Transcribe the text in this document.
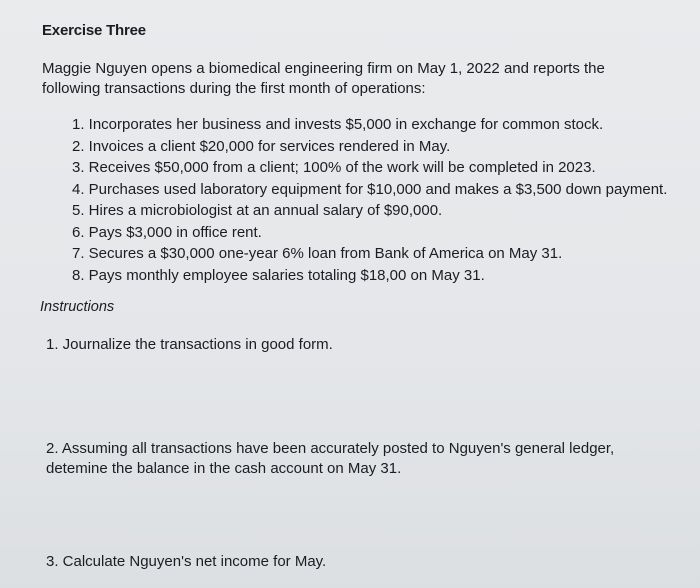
Exercise Three
Maggie Nguyen opens a biomedical engineering firm on May 1, 2022 and reports the following transactions during the first month of operations:
1. Incorporates her business and invests $5,000 in exchange for common stock.
2. Invoices a client $20,000 for services rendered in May.
3. Receives $50,000 from a client; 100% of the work will be completed in 2023.
4. Purchases used laboratory equipment for $10,000 and makes a $3,500 down payment.
5. Hires a microbiologist at an annual salary of $90,000.
6. Pays $3,000 in office rent.
7. Secures a $30,000 one-year 6% loan from Bank of America on May 31.
8. Pays monthly employee salaries totaling $18,00 on May 31.
Instructions
1. Journalize the transactions in good form.
2. Assuming all transactions have been accurately posted to Nguyen's general ledger, detemine the balance in the cash account on May 31.
3. Calculate Nguyen's net income for May.
